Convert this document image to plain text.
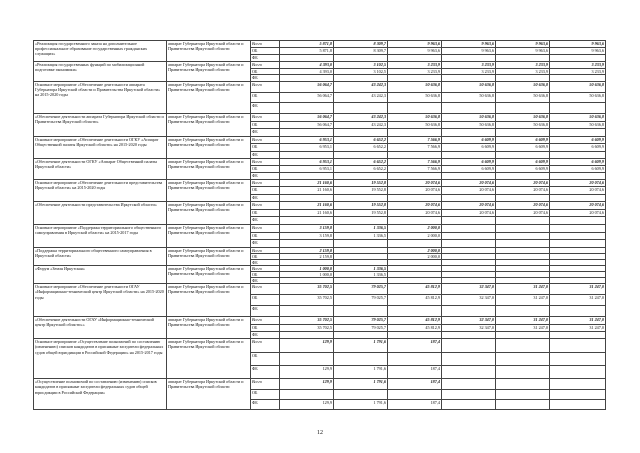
«Реализация государственного заказа на дополнительное профессиональное образование государственных гражданских служащих»	аппарат Губернатора Иркутской области и Правительства Иркутской области	Всего	5 871,8	8 309,7	9 963,6	9 963,6	9 963,6	9 963,6
		ОБ	5 871,8	8 309,7	9 963,6	9 963,6	9 963,6	9 963,6
		ФБ						
«Реализация государственных функций по мобилизационной подготовке экономики»	аппарат Губернатора Иркутской области и Правительства Иркутской области	Всего	4 393,0	3 102,5	3 233,9	3 233,9	3 233,9	3 233,9
		ОБ	4 393,0	3 102,5	3 233,9	3 233,9	3 233,9	3 233,9
		ФБ						
Основное мероприятие «Обеспечение деятельности аппарата Губернатора Иркутской области и Правительства Иркутской области» на 2015-2020 годы	аппарат Губернатора Иркутской области и Правительства Иркутской области	Всего	56 064,7	43 242,3	50 636,8	50 636,8	50 636,8	50 636,8
		ОБ	56 064,7	43 242,3	50 636,8	50 636,8	50 636,8	50 636,8
		ФБ						
«Обеспечение деятельности аппарата Губернатора Иркутской области и Правительства Иркутской области»	аппарат Губернатора Иркутской области и Правительства Иркутской области	Всего	56 064,7	43 242,3	50 636,8	50 636,8	50 636,8	50 636,8
		ОБ	56 064,7	43 242,3	50 636,8	50 636,8	50 636,8	50 636,8
		ФБ						
Основное мероприятие «Обеспечение деятельности ОГКУ «Аппарат Общественной палаты Иркутской области» на 2015-2020 годы	аппарат Губернатора Иркутской области и Правительства Иркутской области	Всего	6 953,1	6 652,2	7 566,9	6 609,9	6 609,9	6 609,9
		ОБ	6 953,1	6 652,2	7 566,9	6 609,9	6 609,9	6 609,9
		ФБ						
«Обеспечение деятельности ОГКУ «Аппарат Общественной палаты Иркутской области»	аппарат Губернатора Иркутской области и Правительства Иркутской области	Всего	6 953,1	6 652,2	7 566,9	6 609,9	6 609,9	6 609,9
		ОБ	6 953,1	6 652,2	7 566,9	6 609,9	6 609,9	6 609,9
		ФБ						
Основное мероприятие «Обеспечение деятельности представительства Иркутской области» на 2015-2020 годы	аппарат Губернатора Иркутской области и Правительства Иркутской области	Всего	21 160,6	19 552,8	20 074,6	20 074,6	20 074,6	20 074,6
		ОБ	21 160,6	19 552,8	20 074,6	20 074,6	20 074,6	20 074,6
		ФБ						
«Обеспечение деятельности представительства Иркутской области»	аппарат Губернатора Иркутской области и Правительства Иркутской области	Всего	21 160,6	19 552,8	20 074,6	20 074,6	20 074,6	20 074,6
		ОБ	21 160,6	19 552,8	20 074,6	20 074,6	20 074,6	20 074,6
		ФБ						
Основное мероприятие «Поддержка территориального общественного самоуправления в Иркутской области» на 2015-2017 годы	аппарат Губернатора Иркутской области и Правительства Иркутской области	Всего	3 159,8	1 336,5	2 000,0			
		ОБ	3 159,8	1 336,5	2 000,0			
		ФБ						
«Поддержка территориального общественного самоуправления в Иркутской области»	аппарат Губернатора Иркутской области и Правительства Иркутской области	Всего	2 159,8		2 000,0			
		ОБ	2 159,8		2 000,0			
		ФБ						
«Форум «Земля Иркутская»	аппарат Губернатора Иркутской области и Правительства Иркутской области	Всего	1 000,0	1 336,5				
		ОБ	1 000,0	1 336,5				
		ФБ						
Основное мероприятие «Обеспечение деятельности ОГАУ «Информационно-технический центр Иркутской области» на 2015-2020 годы	аппарат Губернатора Иркутской области и Правительства Иркутской области	Всего	35 702,5	79 025,7	45 812,9	32 347,0	31 247,0	31 247,0
		ОБ	35 702,5	79 025,7	45 812,9	32 347,0	31 247,0	31 247,0
		ФБ						
«Обеспечение деятельности ОГАУ «Информационно-технический центр Иркутской области»»	аппарат Губернатора Иркутской области и Правительства Иркутской области	Всего	35 702,5	79 025,7	45 812,9	32 347,0	31 247,0	31 247,0
		ОБ	35 702,5	79 025,7	45 812,9	32 347,0	31 247,0	31 247,0
		ФБ						
Основное мероприятие «Осуществление полномочий по составлению (изменению) списков кандидатов в присяжные заседатели федеральных судов общей юрисдикции в Российской Федерации» на 2015-2017 годы	аппарат Губернатора Иркутской области и Правительства Иркутской области	Всего	129,9	1 791,6	187,4			
		ОБ						
		ФБ	129,9	1 791,6	187,4			
«Осуществление полномочий по составлению (изменению) списков кандидатов в присяжные заседатели федеральных судов общей юрисдикции в Российской Федерации»	аппарат Губернатора Иркутской области и Правительства Иркутской области	Всего	129,9	1 791,6	187,4			
		ОБ						
		ФБ	129,9	1 791,6	187,4			
12
